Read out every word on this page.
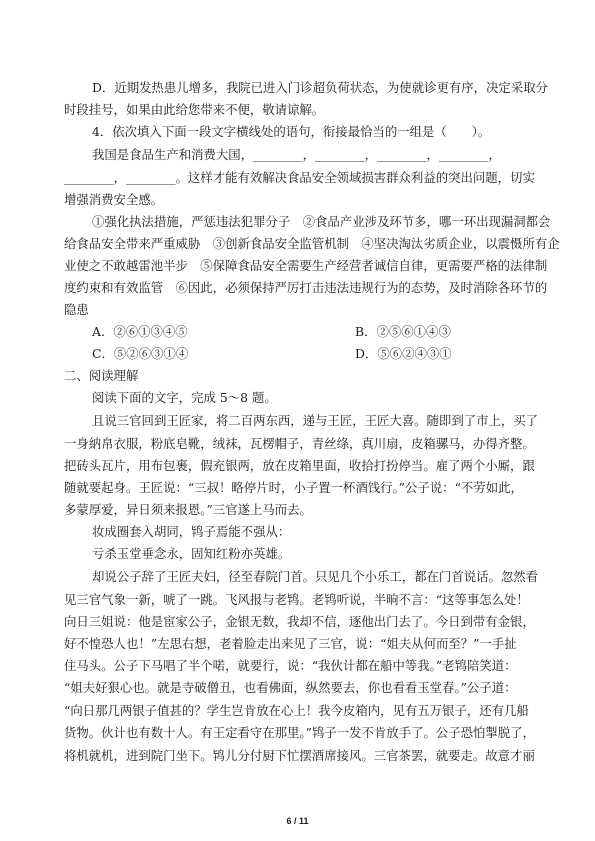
D．近期发热患儿增多，我院已进入门诊超负荷状态，为使就诊更有序，决定采取分
时段挂号，如果由此给您带来不便，敬请谅解。
4．依次填入下面一段文字横线处的语句，衔接最恰当的一组是（　　）。
我国是食品生产和消费大国，________，________，________，________，
________，________。这样才能有效解决食品安全领域损害群众利益的突出问题，切实
增强消费安全感。
①强化执法措施，严惩违法犯罪分子　②食品产业涉及环节多，哪一环出现漏洞都会
给食品安全带来严重威胁　③创新食品安全监管机制　④坚决淘汰劣质企业，以震慑所有企
业使之不敢越雷池半步　⑤保障食品安全需要生产经营者诚信自律，更需要严格的法律制
度约束和有效监管　⑥因此，必须保持严厉打击违法违规行为的态势，及时消除各环节的
隐患
A．②⑥①③④⑤	B．②⑤⑥①④③
C．⑤②⑥③①④	D．⑤⑥②④③①
二、阅读理解
阅读下面的文字，完成 5～8 题。
且说三官回到王匠家，将二百两东西，递与王匠，王匠大喜。随即到了市上，买了
一身納帛衣服，粉底皂靴，绒袜，瓦楞帽子，青丝绦，真川扇，皮箱骡马，办得齐整。
把砖头瓦片，用布包裹，假充银两，放在皮箱里面，收拾打扮停当。雇了两个小厮，跟
随就要起身。王匠说：“三叔！略停片时，小子置一杯酒饯行。”公子说：“不劳如此，
多蒙厚爱，异日须来报恩。”三官遂上马而去。
妆成圈套入胡同，鸨子焉能不强从：
亏杀玉堂垂念永，固知红粉亦英雄。
却说公子辞了王匠夫妇，径至春院门首。只见几个小乐工，都在门首说话。忽然看
见三官气象一新，唬了一跳。飞风报与老鸨。老鸨听说，半晌不言：“这等事怎么处！
向日三姐说：他是宦家公子，金银无数，我却不信，逐他出门去了。今日到带有金银，
好不惶恐人也！”左思右想，老着脸走出来见了三官，说：“姐夫从何而至？”一手扯
住马头。公子下马唱了半个喏，就要行，说：“我伙计都在船中等我。”老鸨陪笑道：
“姐夫好狠心也。就是寺破僧丑，也看佛面，纵然要去，你也看看玉堂春。”公子道：
“向日那几两银子值甚的？学生岂肯放在心上！我今皮箱内，见有五万银子，还有几船
货物。伙计也有数十人。有王定看守在那里。”鸨子一发不肯放手了。公子恐怕掣脱了，
将机就机，进到院门坐下。鸨儿分付厨下忙摆酒席接风。三官茶罢，就要走。故意才丽
6 / 11
